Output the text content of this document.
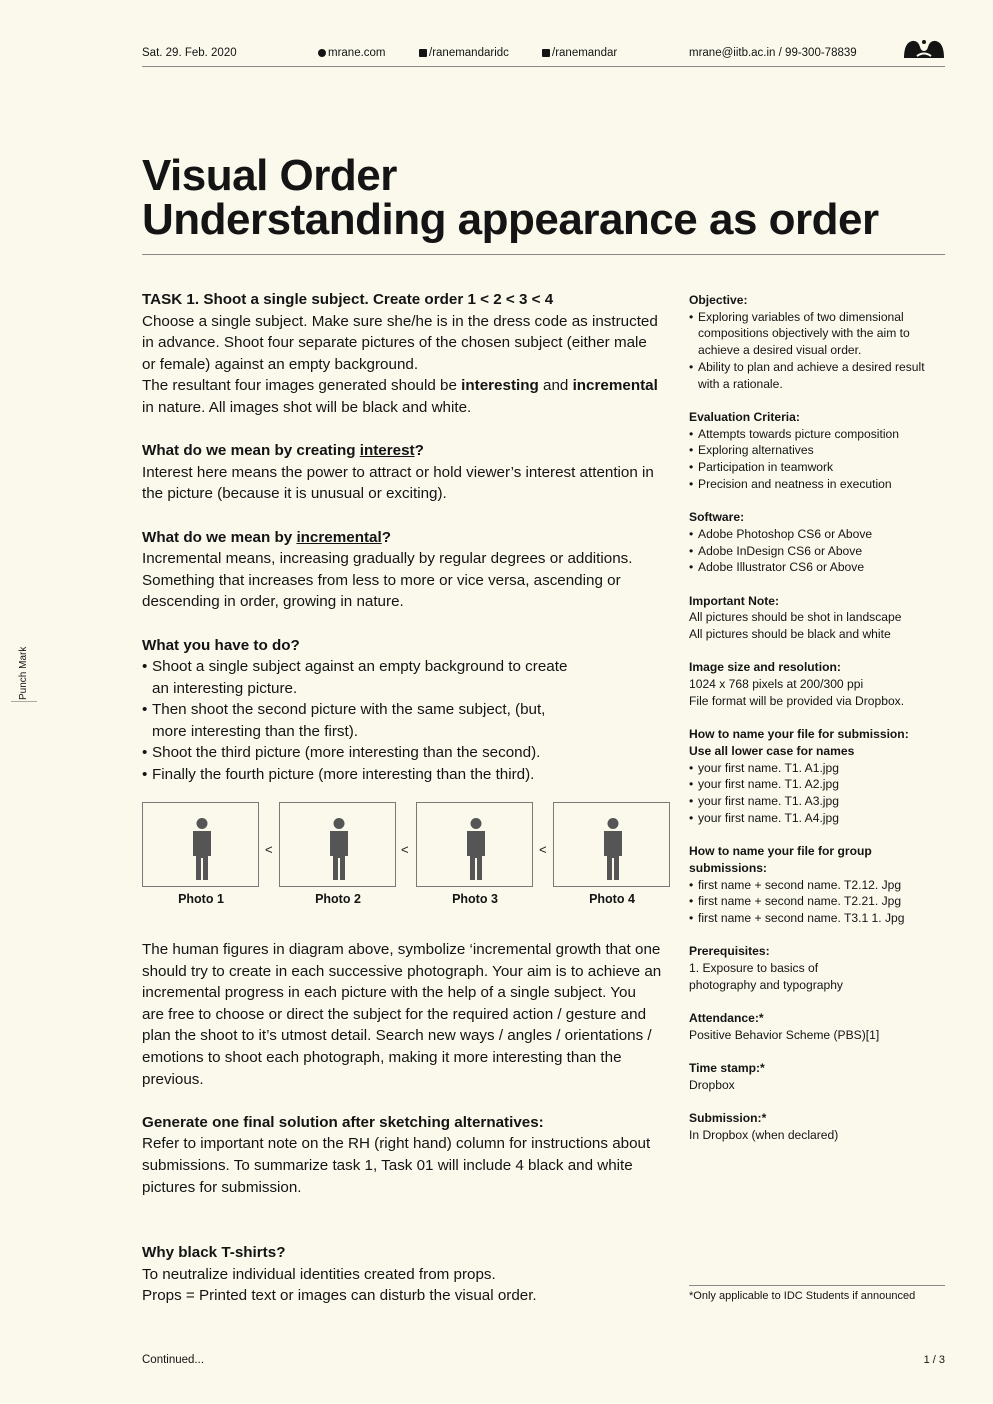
Sat. 29. Feb. 2020	mrane.com	/ranemandaridc	/ranemandar	mrane@iitb.ac.in / 99-300-78839
Visual Order
Understanding appearance as order

TASK 1. Shoot a single subject. Create order 1 < 2 < 3 < 4

Choose a single subject. Make sure she/he is in the dress code as instructed in advance. Shoot four separate pictures of the chosen subject (either male or female) against an empty background.

The resultant four images generated should be interesting and incremental in nature. All images shot will be black and white.

What do we mean by creating interest?

Interest here means the power to attract or hold viewer’s interest attention in the picture (because it is unusual or exciting).

What do we mean by incremental?

Incremental means, increasing gradually by regular degrees or additions. Something that increases from less to more or vice versa, ascending or descending in order, growing in nature.

What you have to do?

• Shoot a single subject against an empty background to create an interesting picture.
• Then shoot the second picture with the same subject, (but, more interesting than the first).
• Shoot the third picture (more interesting than the second).
• Finally the fourth picture (more interesting than the third).
<	<	<
Photo 1	Photo 2	Photo 3	Photo 4

The human figures in diagram above, symbolize ‘incremental growth that one should try to create in each successive photograph. Your aim is to achieve an incremental progress in each picture with the help of a single subject. You are free to choose or direct the subject for the required action / gesture and plan the shoot to it’s utmost detail. Search new ways / angles / orientations / emotions to shoot each photograph, making it more interesting than the previous.

Generate one final solution after sketching alternatives:

Refer to important note on the RH (right hand) column for instructions about submissions. To summarize task 1, Task 01 will include 4 black and white pictures for submission.

Why black T-shirts?

To neutralize individual identities created from props.

Props = Printed text or images can disturb the visual order.

Objective:

• Exploring variables of two dimensional compositions objectively with the aim to achieve a desired visual order.
• Ability to plan and achieve a desired result with a rationale.

Evaluation Criteria:

• Attempts towards picture composition
• Exploring alternatives
• Participation in teamwork
• Precision and neatness in execution

Software:

• Adobe Photoshop CS6 or Above
• Adobe InDesign CS6 or Above
• Adobe Illustrator CS6 or Above

Important Note:

All pictures should be shot in landscape

All pictures should be black and white

Image size and resolution:

1024 x 768 pixels at 200/300 ppi

File format will be provided via Dropbox.

How to name your file for submission:

Use all lower case for names

• your first name. T1. A1.jpg
• your first name. T1. A2.jpg
• your first name. T1. A3.jpg
• your first name. T1. A4.jpg

How to name your file for group submissions:

• first name + second name. T2.12. Jpg
• first name + second name. T2.21. Jpg
• first name + second name. T3.1 1. Jpg

Prerequisites:

1. Exposure to basics of photography and typography

Attendance:*

Positive Behavior Scheme (PBS)[1]

Time stamp:*

Dropbox

Submission:*

In Dropbox (when declared)

*Only applicable to IDC Students if announced
Continued...	1 / 3
Punch Mark
